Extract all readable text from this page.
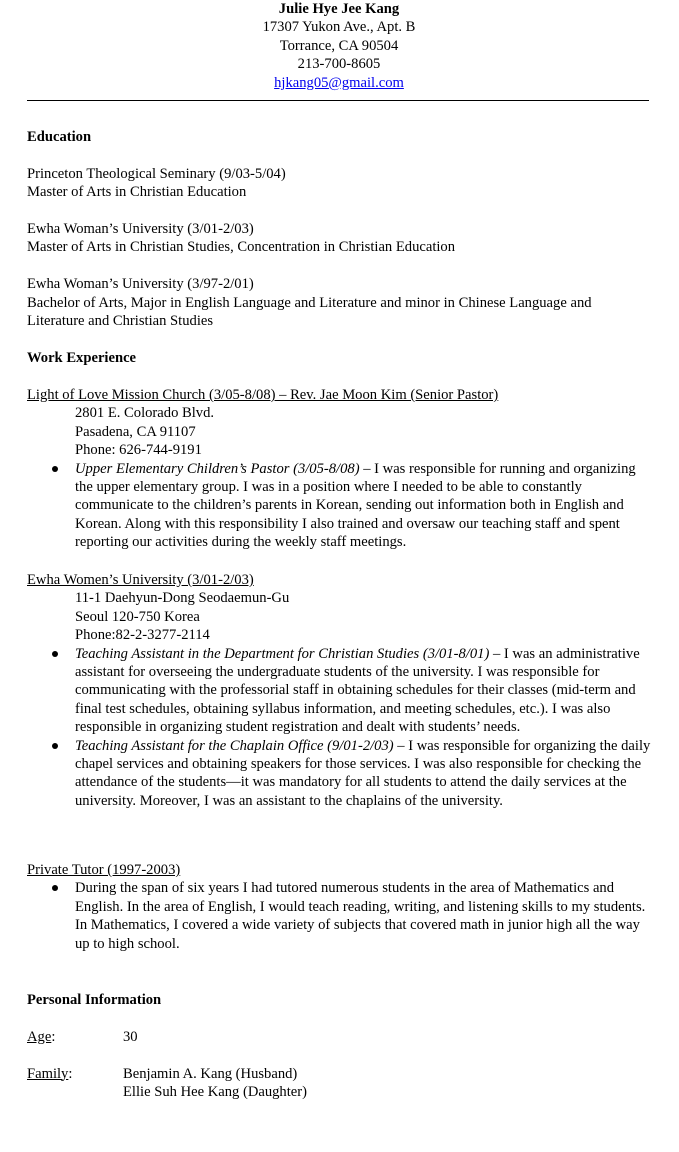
Julie Hye Jee Kang
17307 Yukon Ave., Apt. B
Torrance, CA 90504
213-700-8605
hjkang05@gmail.com
Education
Princeton Theological Seminary (9/03-5/04)
Master of Arts in Christian Education
Ewha Woman’s University (3/01-2/03)
Master of Arts in Christian Studies, Concentration in Christian Education
Ewha Woman’s University (3/97-2/01)
Bachelor of Arts, Major in English Language and Literature and minor in Chinese Language and Literature and Christian Studies
Work Experience
Light of Love Mission Church (3/05-8/08) – Rev. Jae Moon Kim (Senior Pastor)
2801 E. Colorado Blvd.
Pasadena, CA 91107
Phone: 626-744-9191
Upper Elementary Children’s Pastor (3/05-8/08) – I was responsible for running and organizing the upper elementary group. I was in a position where I needed to be able to constantly communicate to the children’s parents in Korean, sending out information both in English and Korean. Along with this responsibility I also trained and oversaw our teaching staff and spent reporting our activities during the weekly staff meetings.
Ewha Women’s University (3/01-2/03)
11-1 Daehyun-Dong Seodaemun-Gu
Seoul 120-750 Korea
Phone:82-2-3277-2114
Teaching Assistant in the Department for Christian Studies (3/01-8/01) – I was an administrative assistant for overseeing the undergraduate students of the university. I was responsible for communicating with the professorial staff in obtaining schedules for their classes (mid-term and final test schedules, obtaining syllabus information, and meeting schedules, etc.). I was also responsible in organizing student registration and dealt with students’ needs.
Teaching Assistant for the Chaplain Office (9/01-2/03) – I was responsible for organizing the daily chapel services and obtaining speakers for those services. I was also responsible for checking the attendance of the students—it was mandatory for all students to attend the daily services at the university. Moreover, I was an assistant to the chaplains of the university.
Private Tutor (1997-2003)
During the span of six years I had tutored numerous students in the area of Mathematics and English. In the area of English, I would teach reading, writing, and listening skills to my students. In Mathematics, I covered a wide variety of subjects that covered math in junior high all the way up to high school.
Personal Information
Age:	30
Family:	Benjamin A. Kang (Husband)
Ellie Suh Hee Kang (Daughter)
